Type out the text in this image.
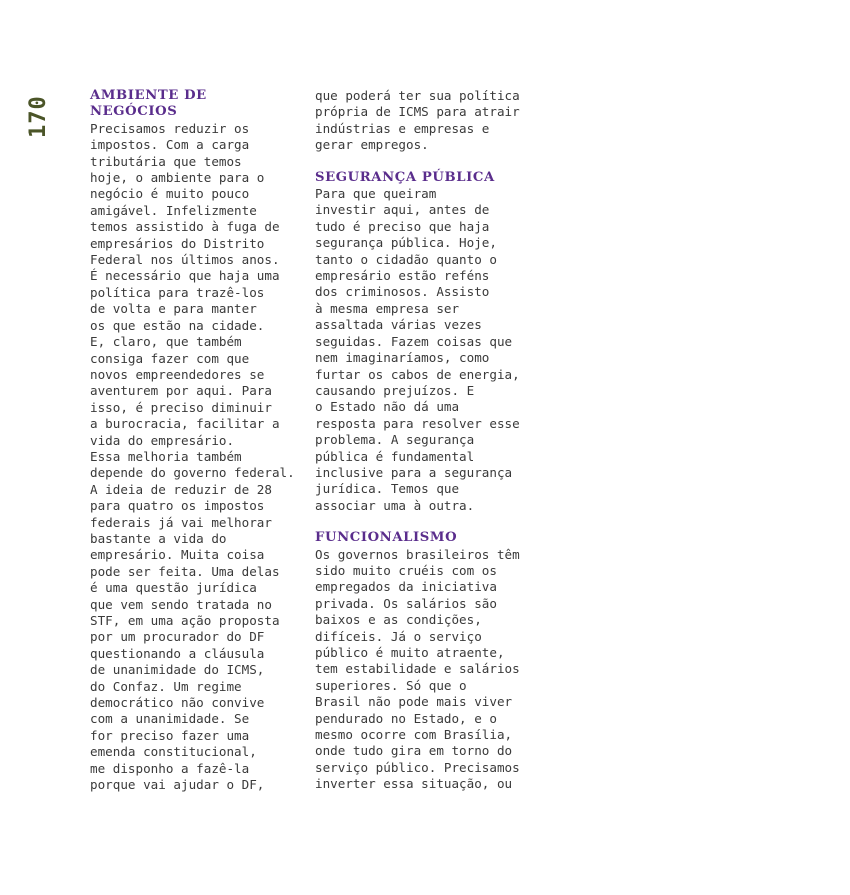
170	AMBIENTE DE
NEGÓCIOS
Precisamos reduzir os
impostos. Com a carga
tributária que temos
hoje, o ambiente para o
negócio é muito pouco
amigável. Infelizmente
temos assistido à fuga de
empresários do Distrito
Federal nos últimos anos.
É necessário que haja uma
política para trazê-los
de volta e para manter
os que estão na cidade.
E, claro, que também
consiga fazer com que
novos empreendedores se
aventurem por aqui. Para
isso, é preciso diminuir
a burocracia, facilitar a
vida do empresário.
Essa melhoria também
depende do governo federal.
A ideia de reduzir de 28
para quatro os impostos
federais já vai melhorar
bastante a vida do
empresário. Muita coisa
pode ser feita. Uma delas
é uma questão jurídica
que vem sendo tratada no
STF, em uma ação proposta
por um procurador do DF
questionando a cláusula
de unanimidade do ICMS,
do Confaz. Um regime
democrático não convive
com a unanimidade. Se
for preciso fazer uma
emenda constitucional,
me disponho a fazê-la
porque vai ajudar o DF,
que poderá ter sua política
própria de ICMS para atrair
indústrias e empresas e
gerar empregos.
SEGURANÇA PÚBLICA
Para que queiram
investir aqui, antes de
tudo é preciso que haja
segurança pública. Hoje,
tanto o cidadão quanto o
empresário estão reféns
dos criminosos. Assisto
à mesma empresa ser
assaltada várias vezes
seguidas. Fazem coisas que
nem imaginaríamos, como
furtar os cabos de energia,
causando prejuízos. E
o Estado não dá uma
resposta para resolver esse
problema. A segurança
pública é fundamental
inclusive para a segurança
jurídica. Temos que
associar uma à outra.
FUNCIONALISMO
Os governos brasileiros têm
sido muito cruéis com os
empregados da iniciativa
privada. Os salários são
baixos e as condições,
difíceis. Já o serviço
público é muito atraente,
tem estabilidade e salários
superiores. Só que o
Brasil não pode mais viver
pendurado no Estado, e o
mesmo ocorre com Brasília,
onde tudo gira em torno do
serviço público. Precisamos
inverter essa situação, ou
